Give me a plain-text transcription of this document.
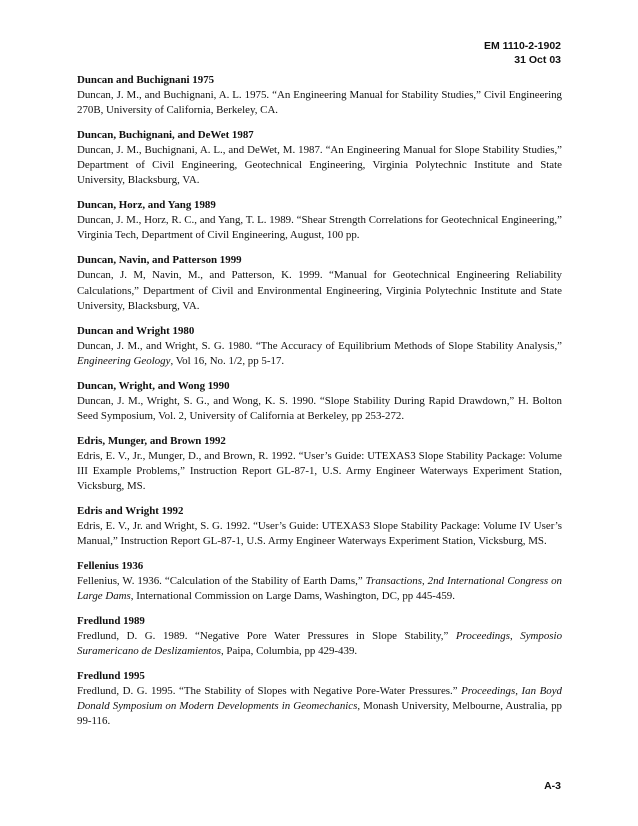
EM 1110-2-1902
31 Oct 03

Duncan and Buchignani 1975

Duncan, J. M., and Buchignani, A. L. 1975. “An Engineering Manual for Stability Studies,” Civil Engineering 270B, University of California, Berkeley, CA.

Duncan, Buchignani, and DeWet 1987

Duncan, J. M., Buchignani, A. L., and DeWet, M. 1987. “An Engineering Manual for Slope Stability Studies,” Department of Civil Engineering, Geotechnical Engineering, Virginia Polytechnic Institute and State University, Blacksburg, VA.

Duncan, Horz, and Yang 1989

Duncan, J. M., Horz, R. C., and Yang, T. L. 1989. “Shear Strength Correlations for Geotechnical Engineering,” Virginia Tech, Department of Civil Engineering, August, 100 pp.

Duncan, Navin, and Patterson 1999

Duncan, J. M, Navin, M., and Patterson, K. 1999. “Manual for Geotechnical Engineering Reliability Calculations,” Department of Civil and Environmental Engineering, Virginia Polytechnic Institute and State University, Blacksburg, VA.

Duncan and Wright 1980

Duncan, J. M., and Wright, S. G. 1980. “The Accuracy of Equilibrium Methods of Slope Stability Analysis,” Engineering Geology, Vol 16, No. 1/2, pp 5-17.

Duncan, Wright, and Wong 1990

Duncan, J. M., Wright, S. G., and Wong, K. S. 1990. “Slope Stability During Rapid Drawdown,” H. Bolton Seed Symposium, Vol. 2, University of California at Berkeley, pp 253-272.

Edris, Munger, and Brown 1992

Edris, E. V., Jr., Munger, D., and Brown, R. 1992. “User’s Guide: UTEXAS3 Slope Stability Package: Volume III Example Problems,” Instruction Report GL-87-1, U.S. Army Engineer Waterways Experiment Station, Vicksburg, MS.

Edris and Wright 1992

Edris, E. V., Jr. and Wright, S. G. 1992. “User’s Guide: UTEXAS3 Slope Stability Package: Volume IV User’s Manual,” Instruction Report GL-87-1, U.S. Army Engineer Waterways Experiment Station, Vicksburg, MS.

Fellenius 1936

Fellenius, W. 1936. “Calculation of the Stability of Earth Dams,” Transactions, 2nd International Congress on Large Dams, International Commission on Large Dams, Washington, DC, pp 445-459.

Fredlund 1989

Fredlund, D. G. 1989. “Negative Pore Water Pressures in Slope Stability,” Proceedings, Symposio Suramericano de Deslizamientos, Paipa, Columbia, pp 429-439.

Fredlund 1995

Fredlund, D. G. 1995. “The Stability of Slopes with Negative Pore-Water Pressures.” Proceedings, Ian Boyd Donald Symposium on Modern Developments in Geomechanics, Monash University, Melbourne, Australia, pp 99-116.

A-3
